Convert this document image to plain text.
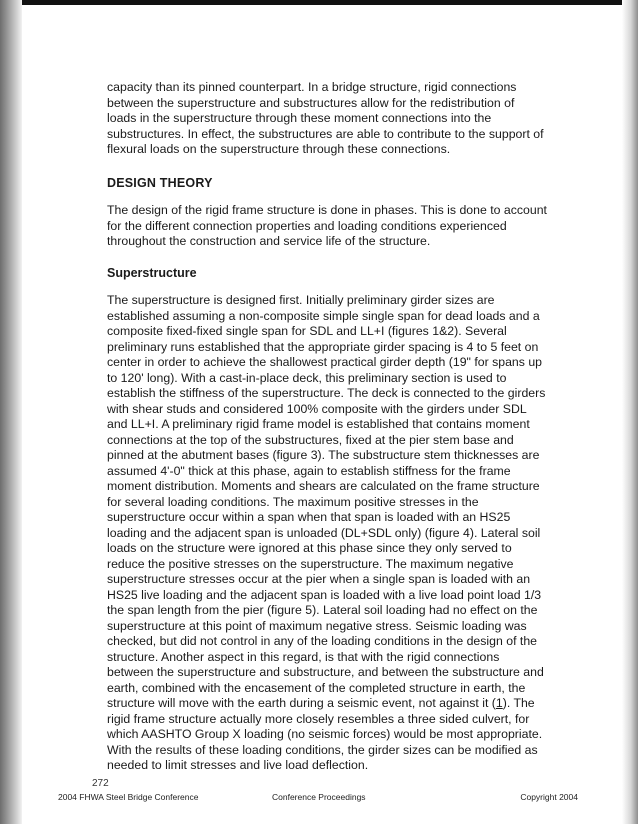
capacity than its pinned counterpart. In a bridge structure, rigid connections between the superstructure and substructures allow for the redistribution of loads in the superstructure through these moment connections into the substructures. In effect, the substructures are able to contribute to the support of flexural loads on the superstructure through these connections.

DESIGN THEORY

The design of the rigid frame structure is done in phases. This is done to account for the different connection properties and loading conditions experienced throughout the construction and service life of the structure.

Superstructure

The superstructure is designed first. Initially preliminary girder sizes are established assuming a non-composite simple single span for dead loads and a composite fixed-fixed single span for SDL and LL+I (figures 1&2). Several preliminary runs established that the appropriate girder spacing is 4 to 5 feet on center in order to achieve the shallowest practical girder depth (19" for spans up to 120' long). With a cast-in-place deck, this preliminary section is used to establish the stiffness of the superstructure. The deck is connected to the girders with shear studs and considered 100% composite with the girders under SDL and LL+I. A preliminary rigid frame model is established that contains moment connections at the top of the substructures, fixed at the pier stem base and pinned at the abutment bases (figure 3). The substructure stem thicknesses are assumed 4'-0" thick at this phase, again to establish stiffness for the frame moment distribution. Moments and shears are calculated on the frame structure for several loading conditions. The maximum positive stresses in the superstructure occur within a span when that span is loaded with an HS25 loading and the adjacent span is unloaded (DL+SDL only) (figure 4). Lateral soil loads on the structure were ignored at this phase since they only served to reduce the positive stresses on the superstructure. The maximum negative superstructure stresses occur at the pier when a single span is loaded with an HS25 live loading and the adjacent span is loaded with a live load point load 1/3 the span length from the pier (figure 5). Lateral soil loading had no effect on the superstructure at this point of maximum negative stress. Seismic loading was checked, but did not control in any of the loading conditions in the design of the structure. Another aspect in this regard, is that with the rigid connections between the superstructure and substructure, and between the substructure and earth, combined with the encasement of the completed structure in earth, the structure will move with the earth during a seismic event, not against it (1). The rigid frame structure actually more closely resembles a three sided culvert, for which AASHTO Group X loading (no seismic forces) would be most appropriate. With the results of these loading conditions, the girder sizes can be modified as needed to limit stresses and live load deflection.

272
2004 FHWA Steel Bridge Conference	Conference Proceedings	Copyright 2004
